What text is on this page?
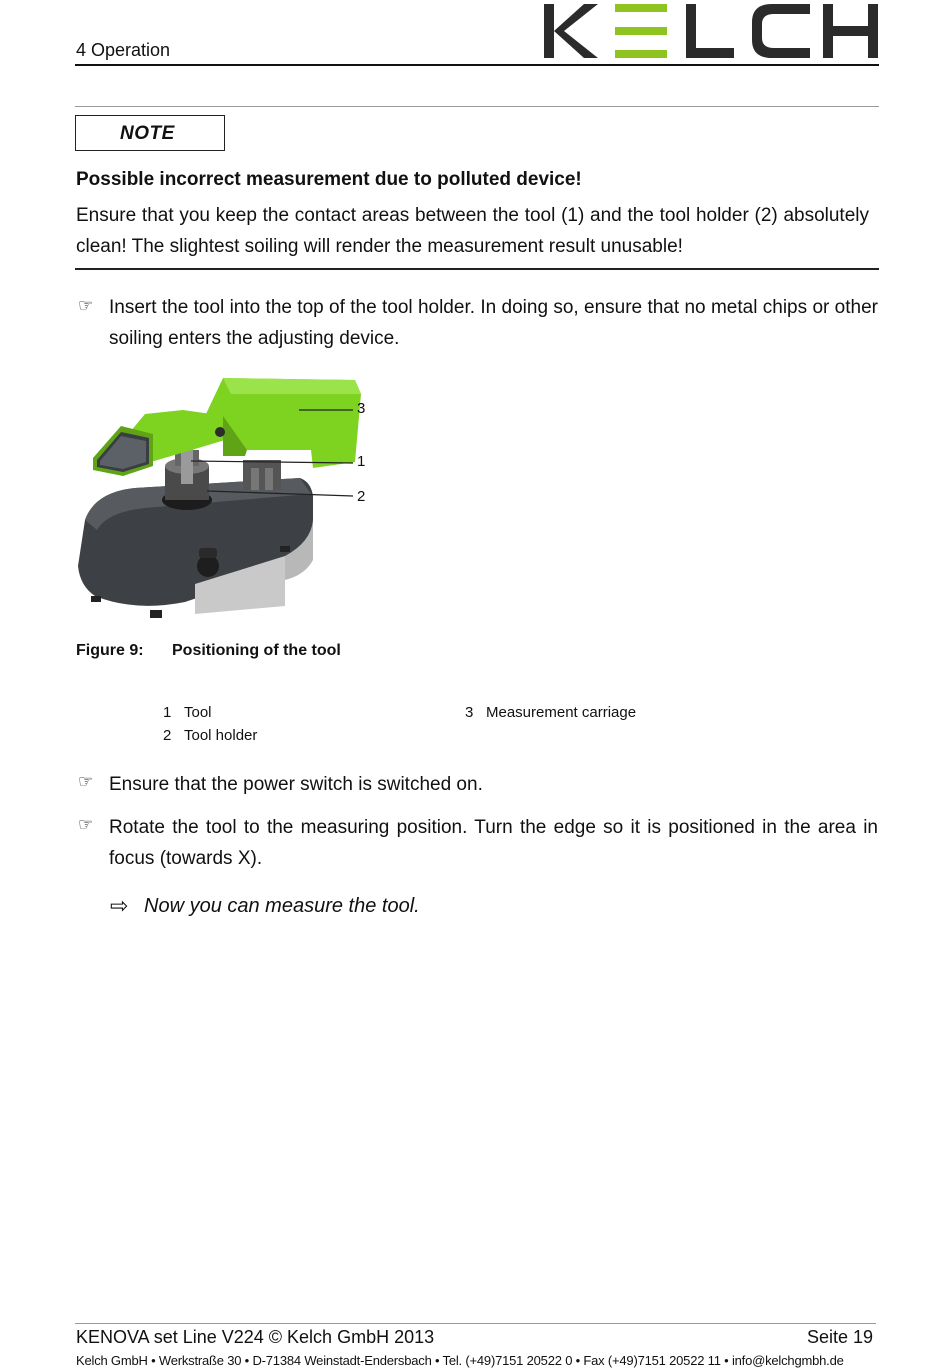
4 Operation
NOTE
Possible incorrect measurement due to polluted device!
Ensure that you keep the contact areas between the tool (1) and the tool holder (2) absolutely clean! The slightest soiling will render the measurement result unusable!
☞ Insert the tool into the top of the tool holder. In doing so, ensure that no metal chips or other soiling enters the adjusting device.
3
1
2
Figure 9: Positioning of the tool
1 Tool
2 Tool holder
3 Measurement carriage
☞ Ensure that the power switch is switched on.
☞ Rotate the tool to the measuring position. Turn the edge so it is positioned in the area in focus (towards X).
⇨ Now you can measure the tool.
KENOVA set Line V224 © Kelch GmbH 2013	Seite 19
Kelch GmbH • Werkstraße 30 • D-71384 Weinstadt-Endersbach • Tel. (+49)7151 20522 0 • Fax (+49)7151 20522 11 • info@kelchgmbh.de
